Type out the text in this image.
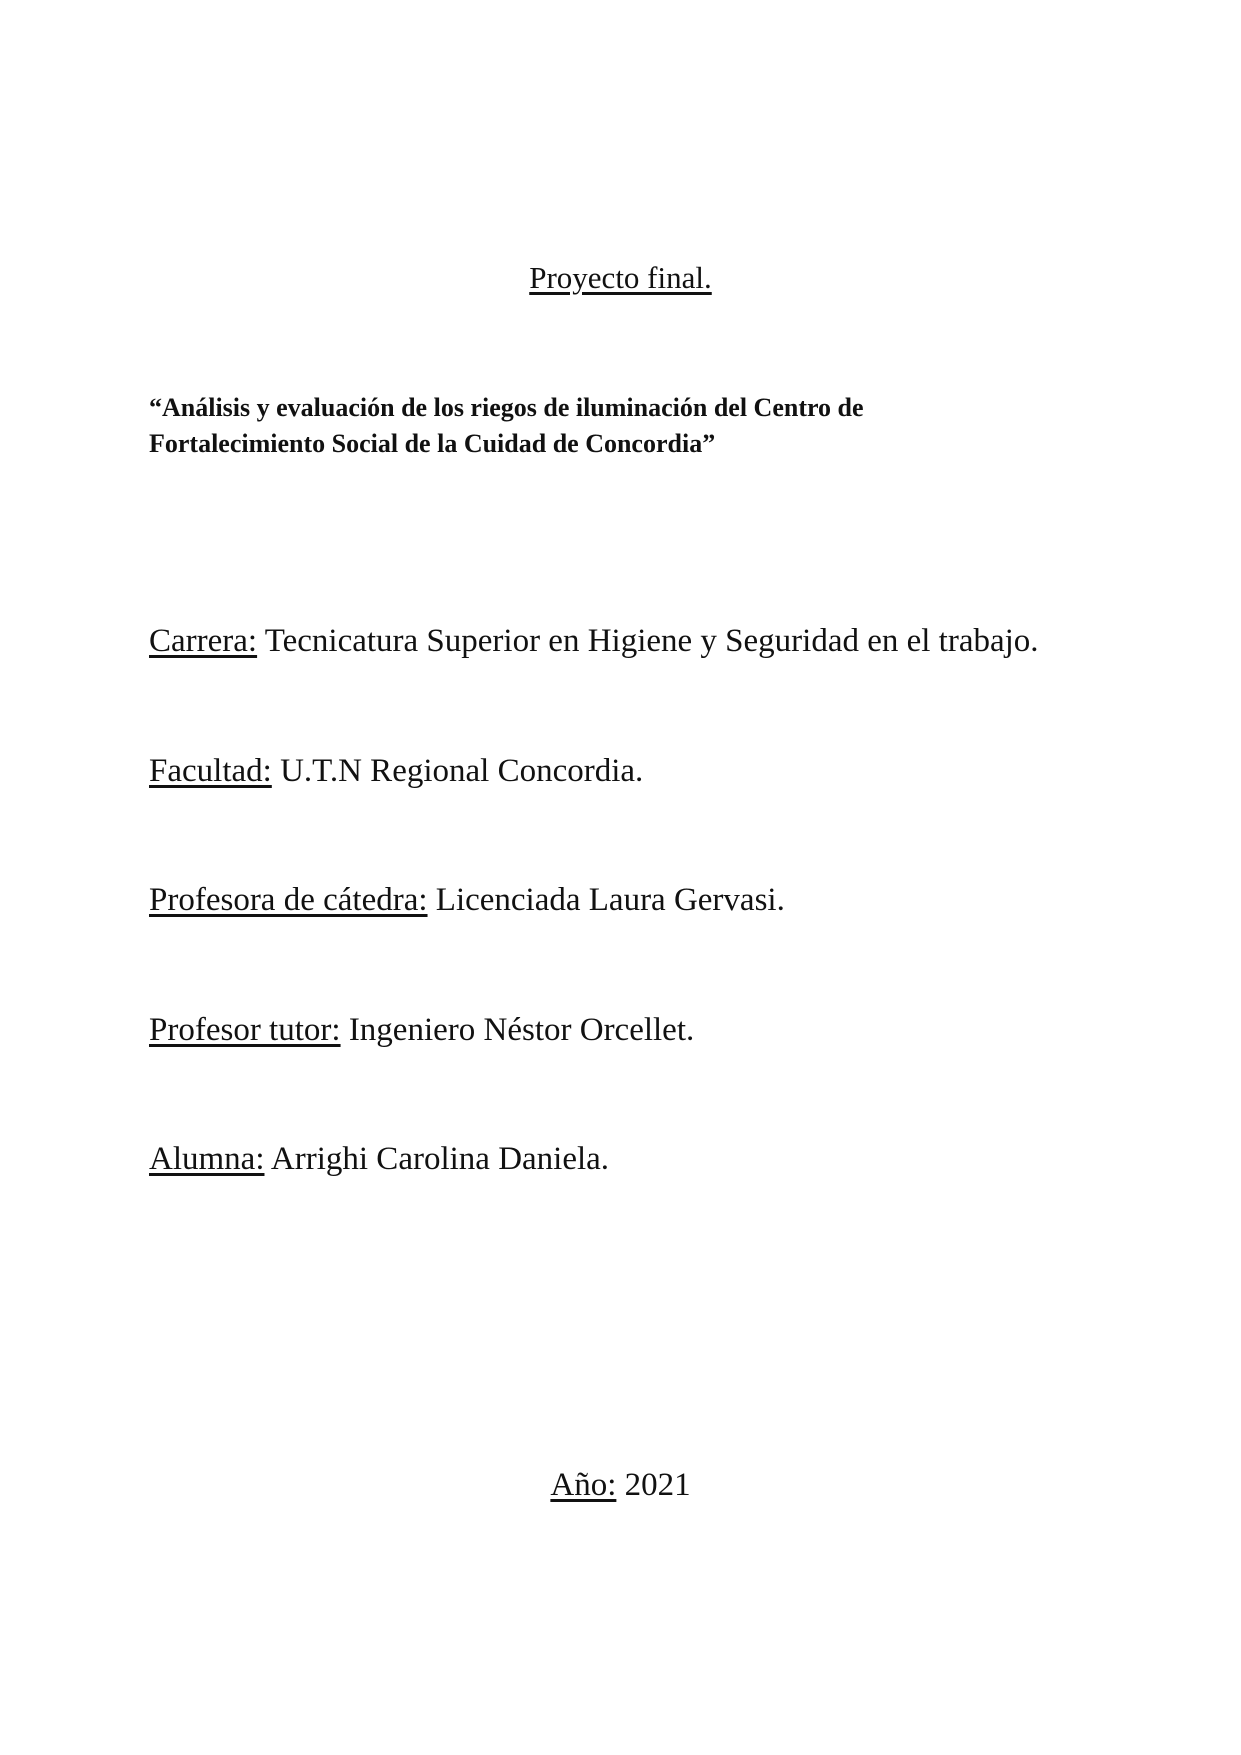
Proyecto final.
“Análisis y evaluación de los riegos de iluminación del Centro de
Fortalecimiento Social de la Cuidad de Concordia”
Carrera: Tecnicatura Superior en Higiene y Seguridad en el trabajo.
Facultad: U.T.N Regional Concordia.
Profesora de cátedra: Licenciada Laura Gervasi.
Profesor tutor: Ingeniero Néstor Orcellet.
Alumna: Arrighi Carolina Daniela.
Año: 2021
